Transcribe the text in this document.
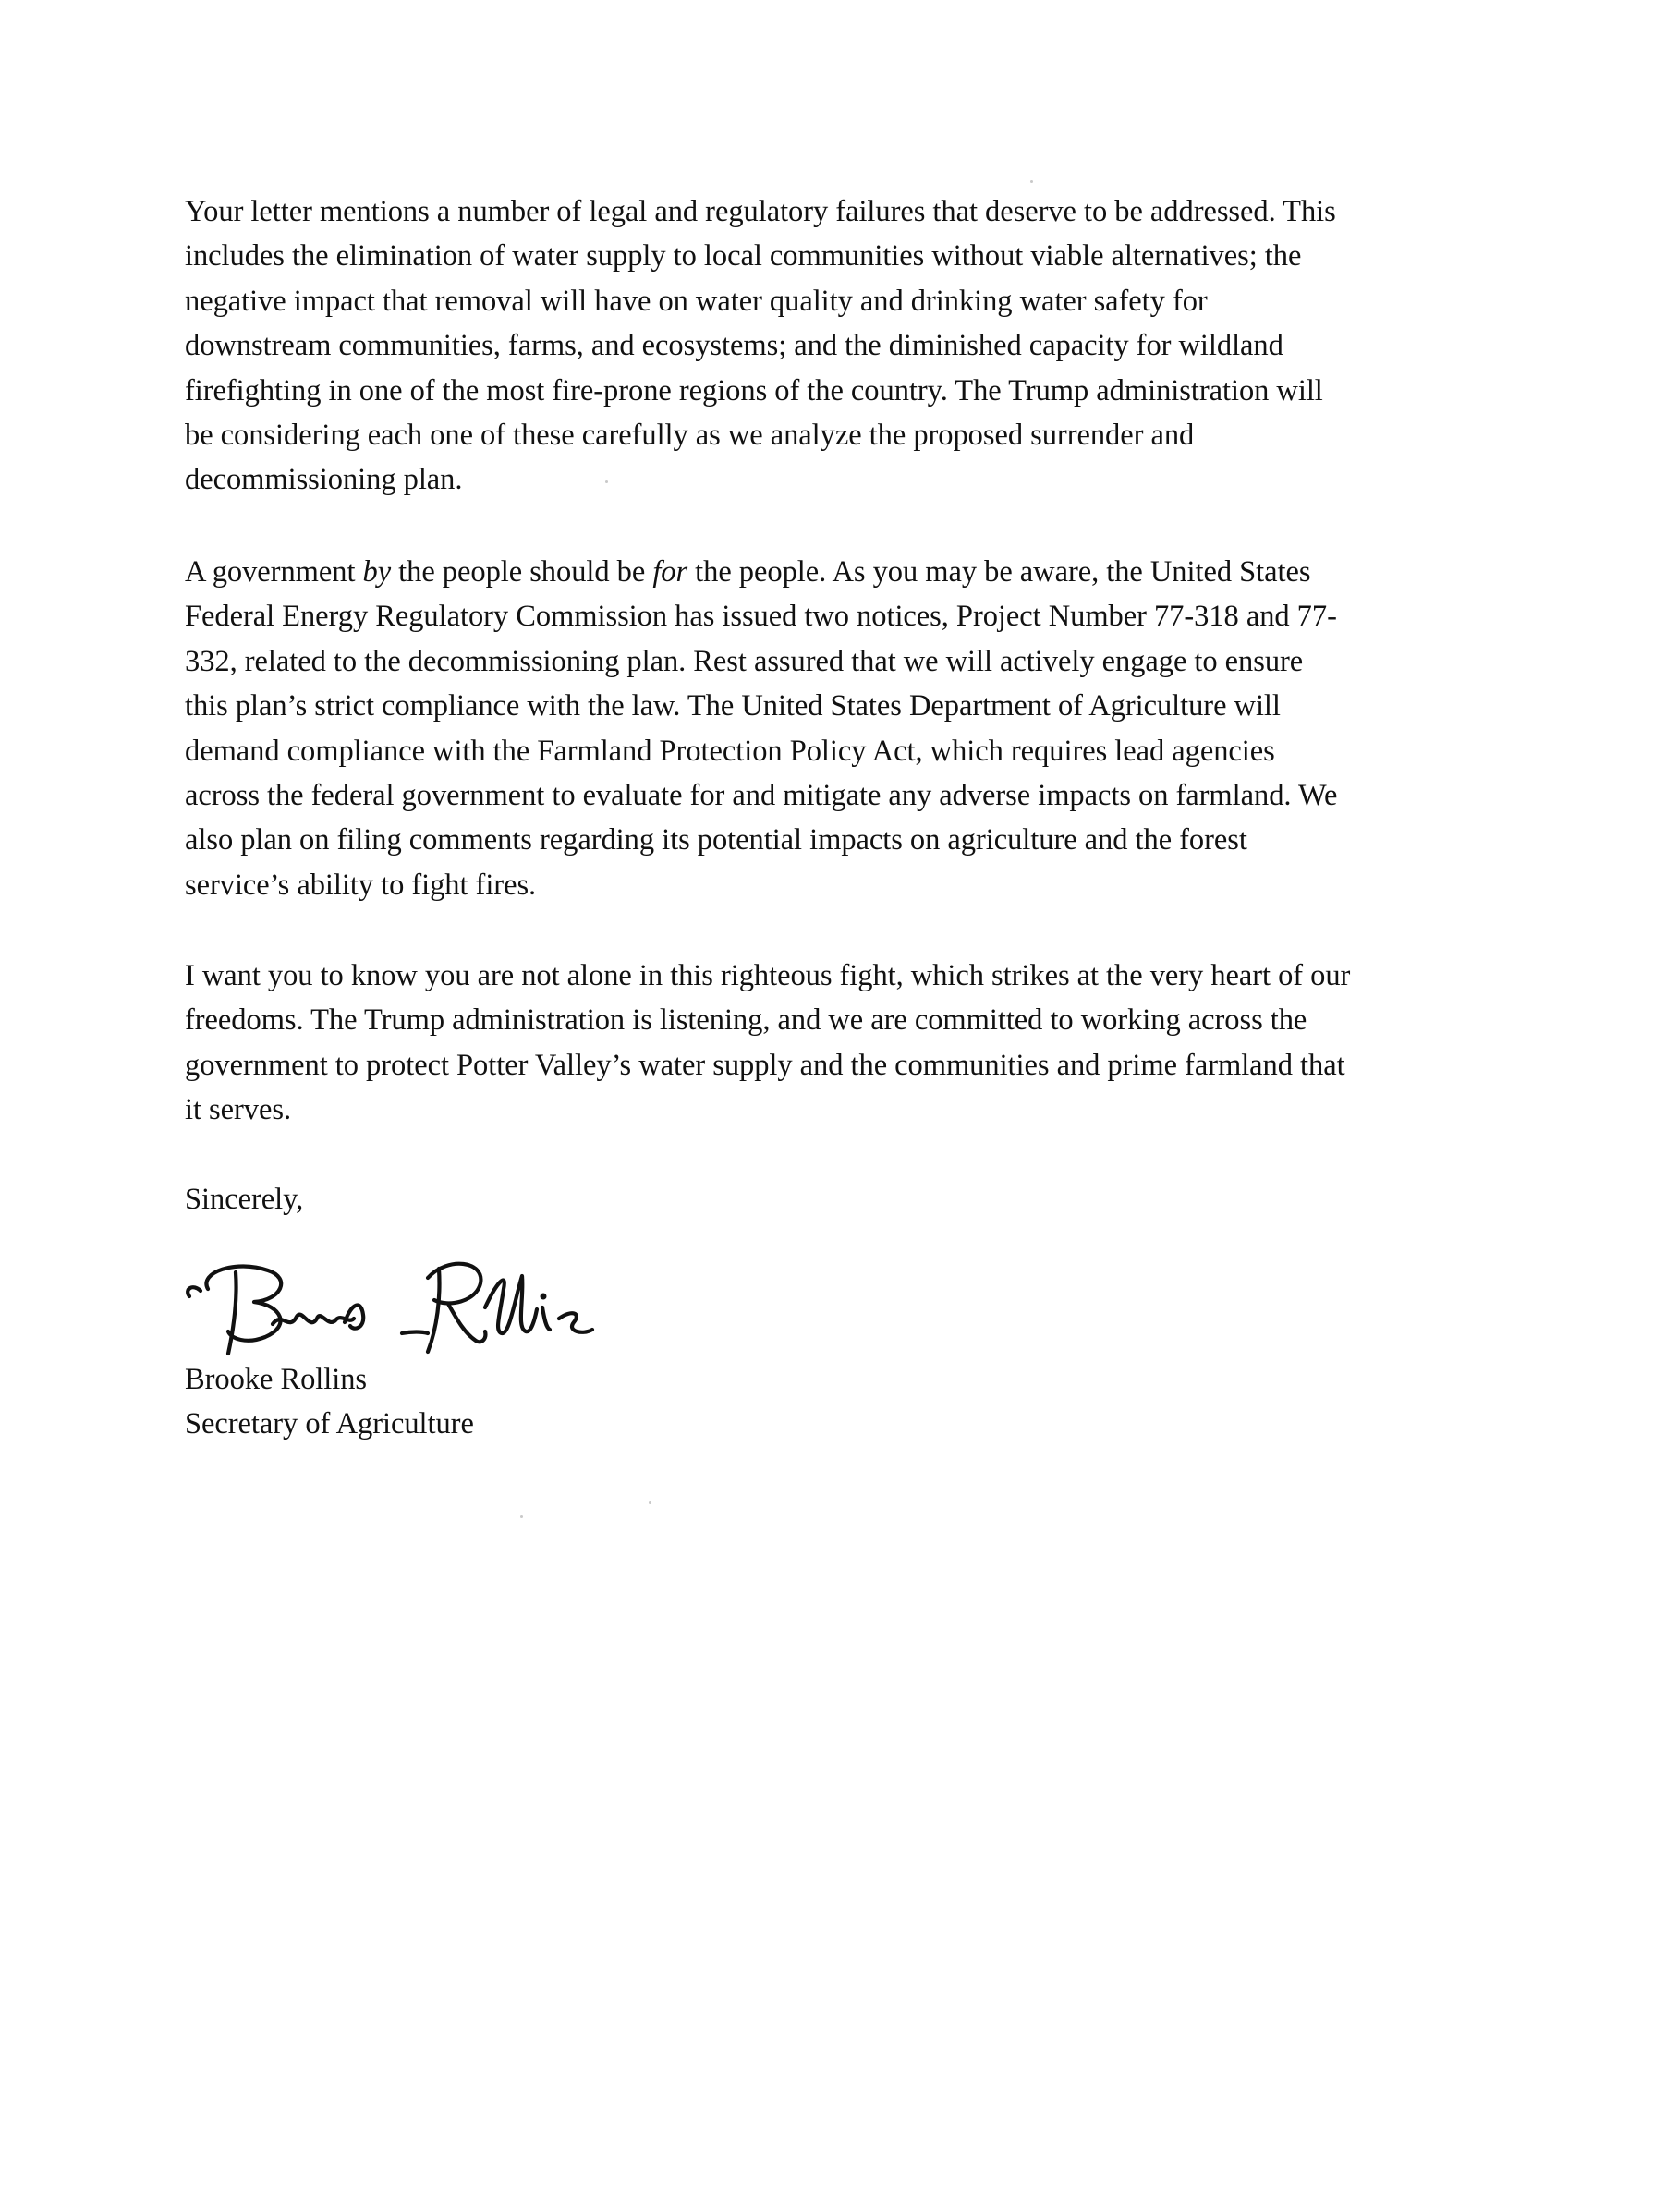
Your letter mentions a number of legal and regulatory failures that deserve to be addressed. This
includes the elimination of water supply to local communities without viable alternatives; the
negative impact that removal will have on water quality and drinking water safety for
downstream communities, farms, and ecosystems; and the diminished capacity for wildland
firefighting in one of the most fire-prone regions of the country. The Trump administration will
be considering each one of these carefully as we analyze the proposed surrender and
decommissioning plan.
A government by the people should be for the people. As you may be aware, the United States
Federal Energy Regulatory Commission has issued two notices, Project Number 77-318 and 77-
332, related to the decommissioning plan. Rest assured that we will actively engage to ensure
this plan’s strict compliance with the law. The United States Department of Agriculture will
demand compliance with the Farmland Protection Policy Act, which requires lead agencies
across the federal government to evaluate for and mitigate any adverse impacts on farmland. We
also plan on filing comments regarding its potential impacts on agriculture and the forest
service’s ability to fight fires.
I want you to know you are not alone in this righteous fight, which strikes at the very heart of our
freedoms. The Trump administration is listening, and we are committed to working across the
government to protect Potter Valley’s water supply and the communities and prime farmland that
it serves.
Sincerely,
Brooke Rollins
Secretary of Agriculture
